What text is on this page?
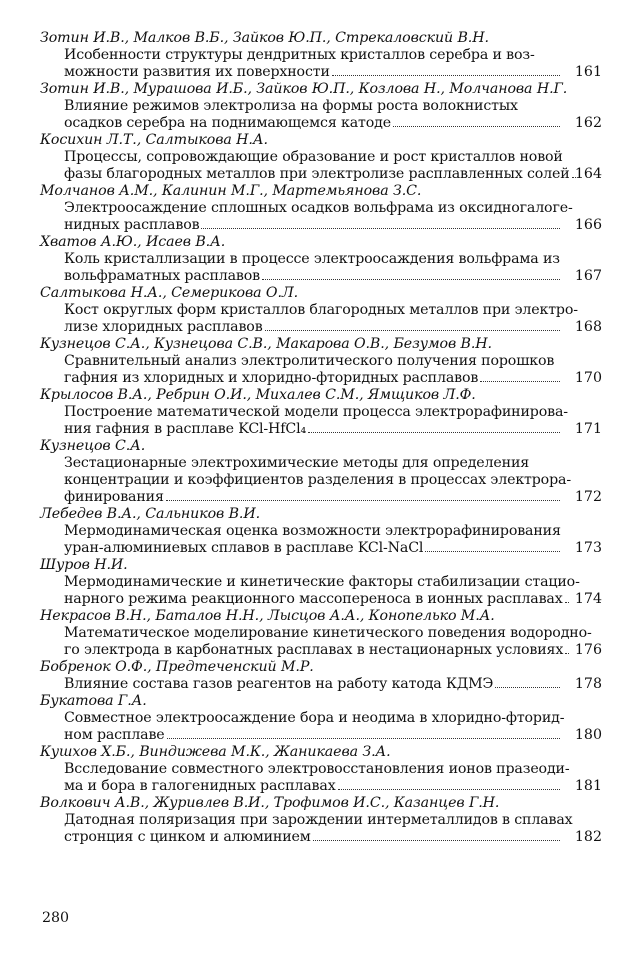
Зотин И.В., Малков В.Б., Зайков Ю.П., Стрекаловский В.Н.
Исобенности структуры дендритных кристаллов серебра и воз-
можности развития их поверхности	161
Зотин И.В., Мурашова И.Б., Зайков Ю.П., Козлова Н., Молчанова Н.Г.
Влияние режимов электролиза на формы роста волокнистых
осадков серебра на поднимающемся катоде	162
Косихин Л.Т., Салтыкова Н.А.
Процессы, сопровождающие образование и рост кристаллов новой
фазы благородных металлов при электролизе расплавленных солей 164
Молчанов А.М., Калинин М.Г., Мартемьянова З.С.
Электроосаждение сплошных осадков вольфрама из оксидногалоге-
нидных расплавов	166
Хватов А.Ю., Исаев В.А.
Коль кристаллизации в процессе электроосаждения вольфрама из
вольфраматных расплавов	167
Салтыкова Н.А., Семерикова О.Л.
Кост округлых форм кристаллов благородных металлов при электро-
лизе хлоридных расплавов	168
Кузнецов С.А., Кузнецова С.В., Макарова О.В., Безумов В.Н.
Сравнительный анализ электролитического получения порошков
гафния из хлоридных и хлоридно-фторидных расплавов	170
Крылосов В.А., Ребрин О.И., Михалев С.М., Ямщиков Л.Ф.
Построение математической модели процесса электрорафинирова-
ния гафния в расплаве KCl-HfCl₄	171
Кузнецов С.А.
Зестационарные электрохимические методы для определения
концентрации и коэффициентов разделения в процессах электрора-
финирования	172
Лебедев В.А., Сальников В.И.
Мермодинамическая оценка возможности электрорафинирования
уран-алюминиевых сплавов в расплаве KCl-NaCl	173
Шуров Н.И.
Мермодинамические и кинетические факторы стабилизации стацио-
нарного режима реакционного массопереноса в ионных расплавах 174
Некрасов В.Н., Баталов Н.Н., Лысцов А.А., Конопелько М.А.
Математическое моделирование кинетического поведения водородно-
го электрода в карбонатных расплавах в нестационарных условиях 176
Бобренок О.Ф., Предтеченский М.Р.
Влияние состава газов реагентов на работу катода КДМЭ	178
Букатова Г.А.
Совместное электроосаждение бора и неодима в хлоридно-фторид-
ном расплаве	180
Кушхов Х.Б., Виндижева М.К., Жаникаева З.А.
Всследование совместного электровосстановления ионов празеоди-
ма и бора в галогенидных расплавах	181
Волкович А.В., Журивлев В.И., Трофимов И.С., Казанцев Г.Н.
Датодная поляризация при зарождении интерметаллидов в сплавах
стронция с цинком и алюминием	182
280
